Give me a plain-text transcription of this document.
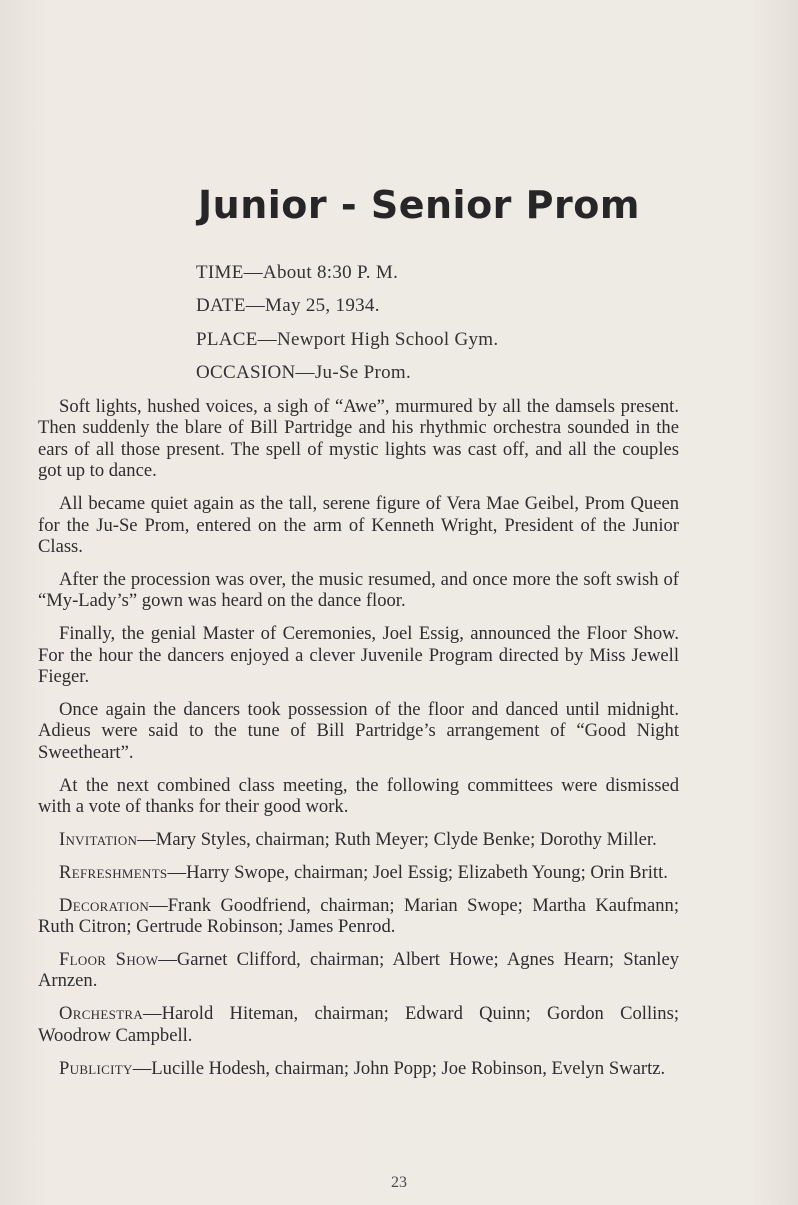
Junior - Senior Prom
TIME—About 8:30 P. M.
DATE—May 25, 1934.
PLACE—Newport High School Gym.
OCCASION—Ju-Se Prom.

Soft lights, hushed voices, a sigh of “Awe”, murmured by all the damsels present. Then suddenly the blare of Bill Partridge and his rhythmic orchestra sounded in the ears of all those present. The spell of mystic lights was cast off, and all the couples got up to dance.

All became quiet again as the tall, serene figure of Vera Mae Geibel, Prom Queen for the Ju-Se Prom, entered on the arm of Kenneth Wright, President of the Junior Class.

After the procession was over, the music resumed, and once more the soft swish of “My-Lady’s” gown was heard on the dance floor.

Finally, the genial Master of Ceremonies, Joel Essig, announced the Floor Show. For the hour the dancers enjoyed a clever Juvenile Program directed by Miss Jewell Fieger.

Once again the dancers took possession of the floor and danced until midnight. Adieus were said to the tune of Bill Partridge’s arrangement of “Good Night Sweetheart”.

At the next combined class meeting, the following committees were dismissed with a vote of thanks for their good work.

Invitation—Mary Styles, chairman; Ruth Meyer; Clyde Benke; Dorothy Miller.

Refreshments—Harry Swope, chairman; Joel Essig; Elizabeth Young; Orin Britt.

Decoration—Frank Goodfriend, chairman; Marian Swope; Martha Kaufmann; Ruth Citron; Gertrude Robinson; James Penrod.

Floor Show—Garnet Clifford, chairman; Albert Howe; Agnes Hearn; Stanley Arnzen.

Orchestra—Harold Hiteman, chairman; Edward Quinn; Gordon Collins; Woodrow Campbell.

Publicity—Lucille Hodesh, chairman; John Popp; Joe Robinson, Evelyn Swartz.

23
